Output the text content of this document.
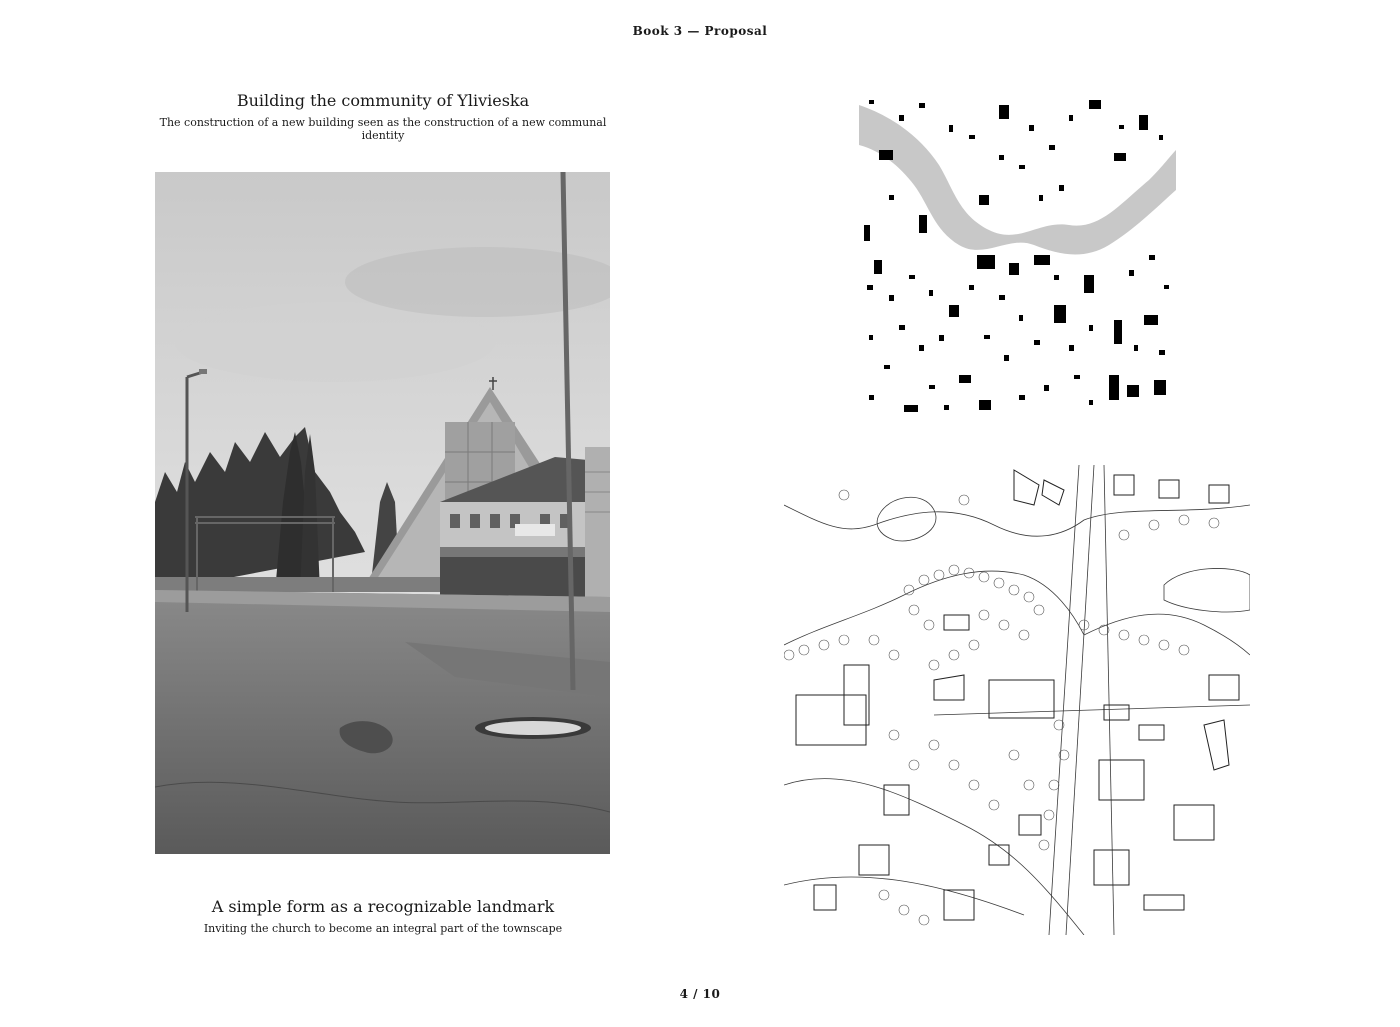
Book 3 — Proposal
Building the community of Ylivieska
The construction of a new building seen as the construction of a new communal identity
A simple form as a recognizable landmark
Inviting the church to become an integral part of the townscape
4 / 10
